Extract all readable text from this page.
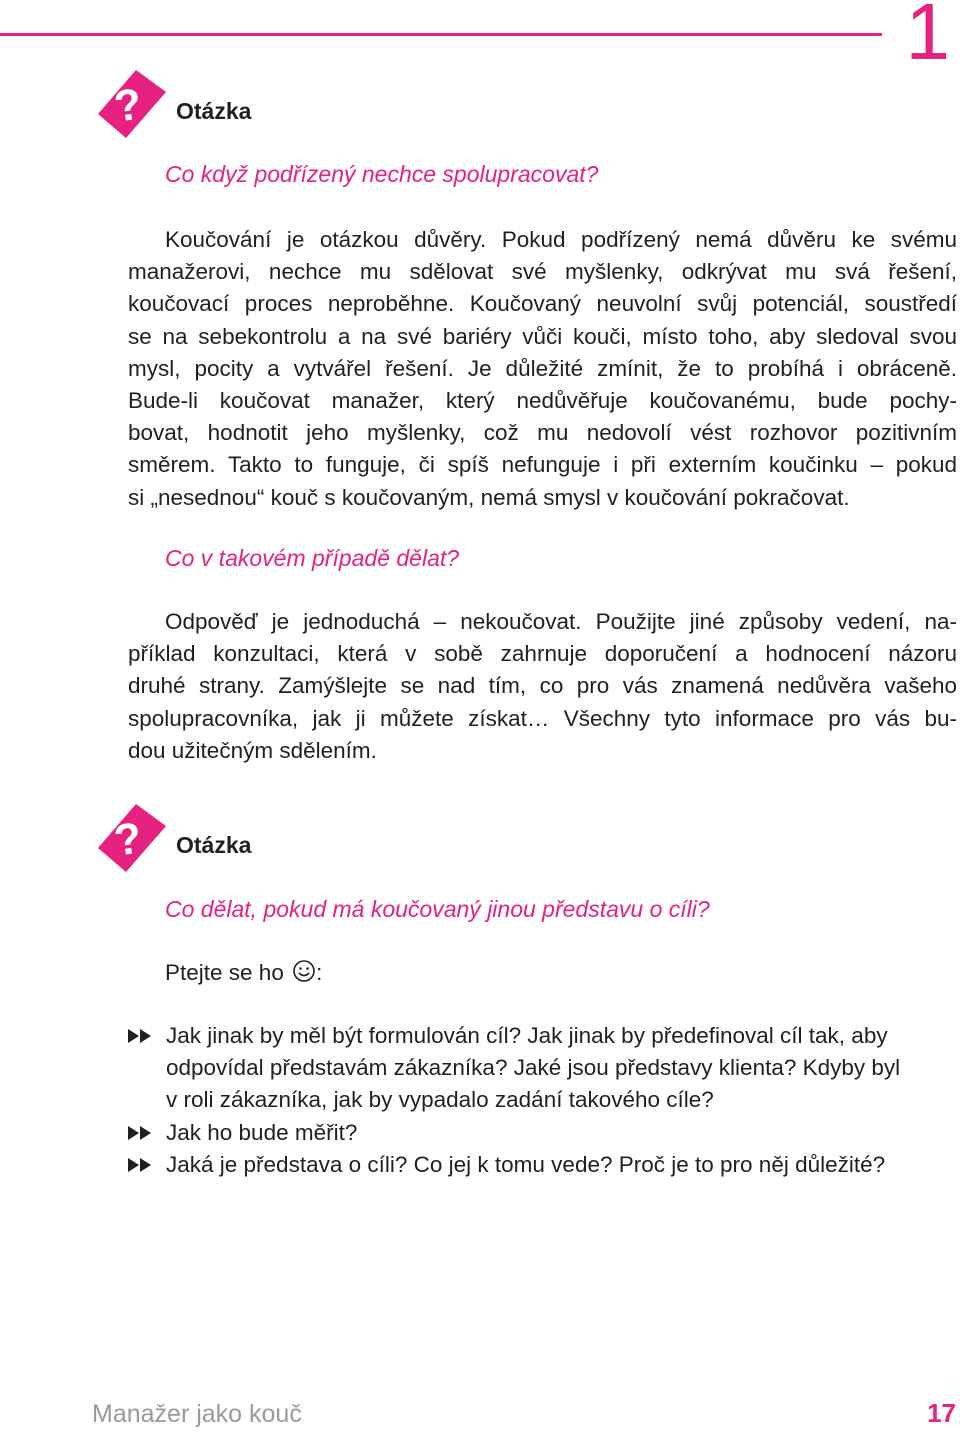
1
? Otázka
Co když podřízený nechce spolupracovat?
Koučování je otázkou důvěry. Pokud podřízený nemá důvěru ke svému
manažerovi, nechce mu sdělovat své myšlenky, odkrývat mu svá řešení,
koučovací proces neproběhne. Koučovaný neuvolní svůj potenciál, soustředí
se na sebekontrolu a na své bariéry vůči kouči, místo toho, aby sledoval svou
mysl, pocity a vytvářel řešení. Je důležité zmínit, že to probíhá i obráceně.
Bude-li koučovat manažer, který nedůvěřuje koučovanému, bude pochy-
bovat, hodnotit jeho myšlenky, což mu nedovolí vést rozhovor pozitivním
směrem. Takto to funguje, či spíš nefunguje i při externím koučinku – pokud
si „nesednou“ kouč s koučovaným, nemá smysl v koučování pokračovat.
Co v takovém případě dělat?
Odpověď je jednoduchá – nekoučovat. Použijte jiné způsoby vedení, na-
příklad konzultaci, která v sobě zahrnuje doporučení a hodnocení názoru
druhé strany. Zamýšlejte se nad tím, co pro vás znamená nedůvěra vašeho
spolupracovníka, jak ji můžete získat… Všechny tyto informace pro vás bu-
dou užitečným sdělením.
? Otázka
Co dělat, pokud má koučovaný jinou představu o cíli?
Ptejte se ho :
Jak jinak by měl být formulován cíl? Jak jinak by předefinoval cíl tak, aby
odpovídal představám zákazníka? Jaké jsou představy klienta? Kdyby byl
v roli zákazníka, jak by vypadalo zadání takového cíle?
Jak ho bude měřit?
Jaká je představa o cíli? Co jej k tomu vede? Proč je to pro něj důležité?
Manažer jako kouč	17
